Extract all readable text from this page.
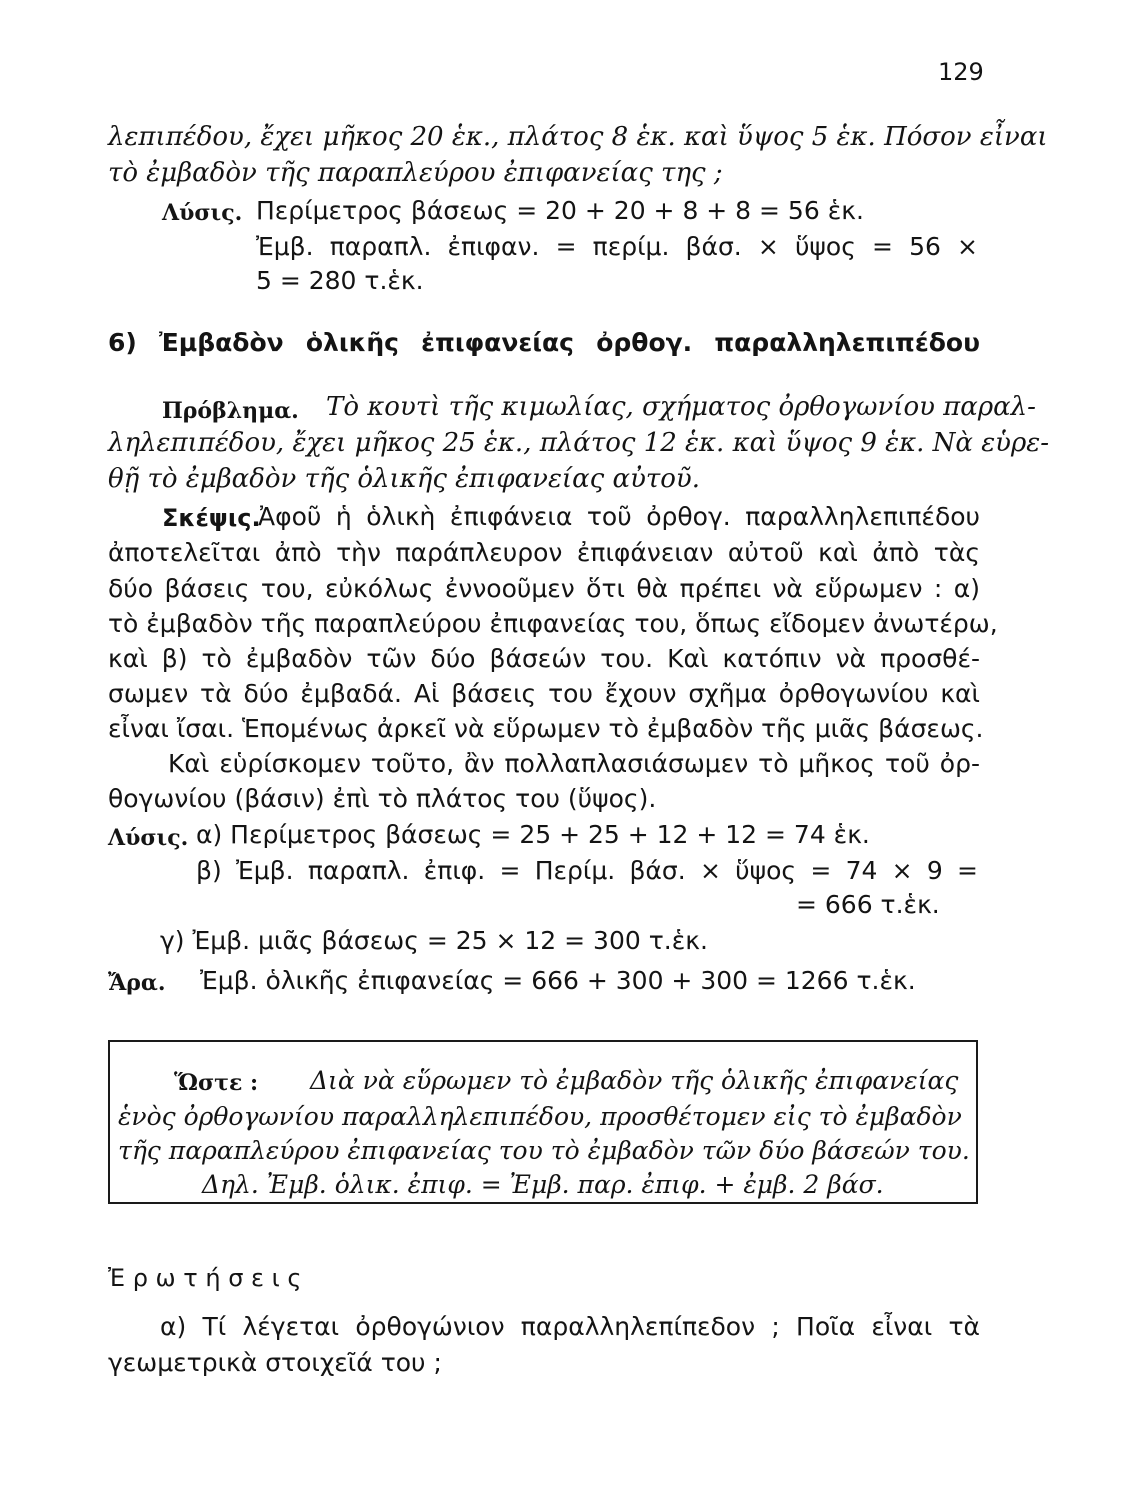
129
λεπιπέδου, ἔχει μῆκος 20 ἑκ., πλάτος 8 ἑκ. καὶ ὕψος 5 ἑκ. Πόσον εἶναι
τὸ ἐμβαδὸν τῆς παραπλεύρου ἐπιφανείας της ;
Λύσις. Περίμετρος βάσεως = 20 + 20 + 8 + 8 = 56 ἑκ.
Ἐμβ. παραπλ. ἐπιφαν. = περίμ. βάσ. × ὕψος = 56 ×
5 = 280 τ.ἑκ.
6) Ἐμβαδὸν ὁλικῆς ἐπιφανείας ὀρθογ. παραλληλεπιπέδου
Πρόβλημα. Τὸ κουτὶ τῆς κιμωλίας, σχήματος ὀρθογωνίου παραλ-
ληλεπιπέδου, ἔχει μῆκος 25 ἑκ., πλάτος 12 ἑκ. καὶ ὕψος 9 ἑκ. Νὰ εὑρε-
θῇ τὸ ἐμβαδὸν τῆς ὁλικῆς ἐπιφανείας αὐτοῦ.
Σκέψις.
Ἀφοῦ ἡ ὁλικὴ ἐπιφάνεια τοῦ ὀρθογ. παραλληλεπιπέδου
ἀποτελεῖται ἀπὸ τὴν παράπλευρον ἐπιφάνειαν αὐτοῦ καὶ ἀπὸ τὰς
δύο βάσεις του, εὐκόλως ἐννοοῦμεν ὅτι θὰ πρέπει νὰ εὕρωμεν : α)
τὸ ἐμβαδὸν τῆς παραπλεύρου ἐπιφανείας του, ὅπως εἴδομεν ἀνωτέρω,
καὶ β) τὸ ἐμβαδὸν τῶν δύο βάσεών του. Καὶ κατόπιν νὰ προσθέ-
σωμεν τὰ δύο ἐμβαδά. Αἱ βάσεις του ἔχουν σχῆμα ὀρθογωνίου καὶ
εἶναι ἴσαι. Ἑπομένως ἀρκεῖ νὰ εὕρωμεν τὸ ἐμβαδὸν τῆς μιᾶς βάσεως.
Καὶ εὑρίσκομεν τοῦτο, ἂν πολλαπλασιάσωμεν τὸ μῆκος τοῦ ὀρ-
θογωνίου (βάσιν) ἐπὶ τὸ πλάτος του (ὕψος).
Λύσις. α) Περίμετρος βάσεως = 25 + 25 + 12 + 12 = 74 ἑκ.
β) Ἐμβ. παραπλ. ἐπιφ. = Περίμ. βάσ. × ὕψος = 74 × 9 =
= 666 τ.ἑκ.
γ) Ἐμβ. μιᾶς βάσεως = 25 × 12 = 300 τ.ἑκ.
Ἄρα. Ἐμβ. ὁλικῆς ἐπιφανείας = 666 + 300 + 300 = 1266 τ.ἑκ.
Ὥστε : Διὰ νὰ εὕρωμεν τὸ ἐμβαδὸν τῆς ὁλικῆς ἐπιφανείας
ἑνὸς ὀρθογωνίου παραλληλεπιπέδου, προσθέτομεν εἰς τὸ ἐμβαδὸν
τῆς παραπλεύρου ἐπιφανείας του τὸ ἐμβαδὸν τῶν δύο βάσεών του.
Δηλ. Ἐμβ. ὁλικ. ἐπιφ. = Ἐμβ. παρ. ἐπιφ. + ἐμβ. 2 βάσ.
Ἐ ρ ω τ ή σ ε ι ς
α) Τί λέγεται ὀρθογώνιον παραλληλεπίπεδον ; Ποῖα εἶναι τὰ
γεωμετρικὰ στοιχεῖά του ;
